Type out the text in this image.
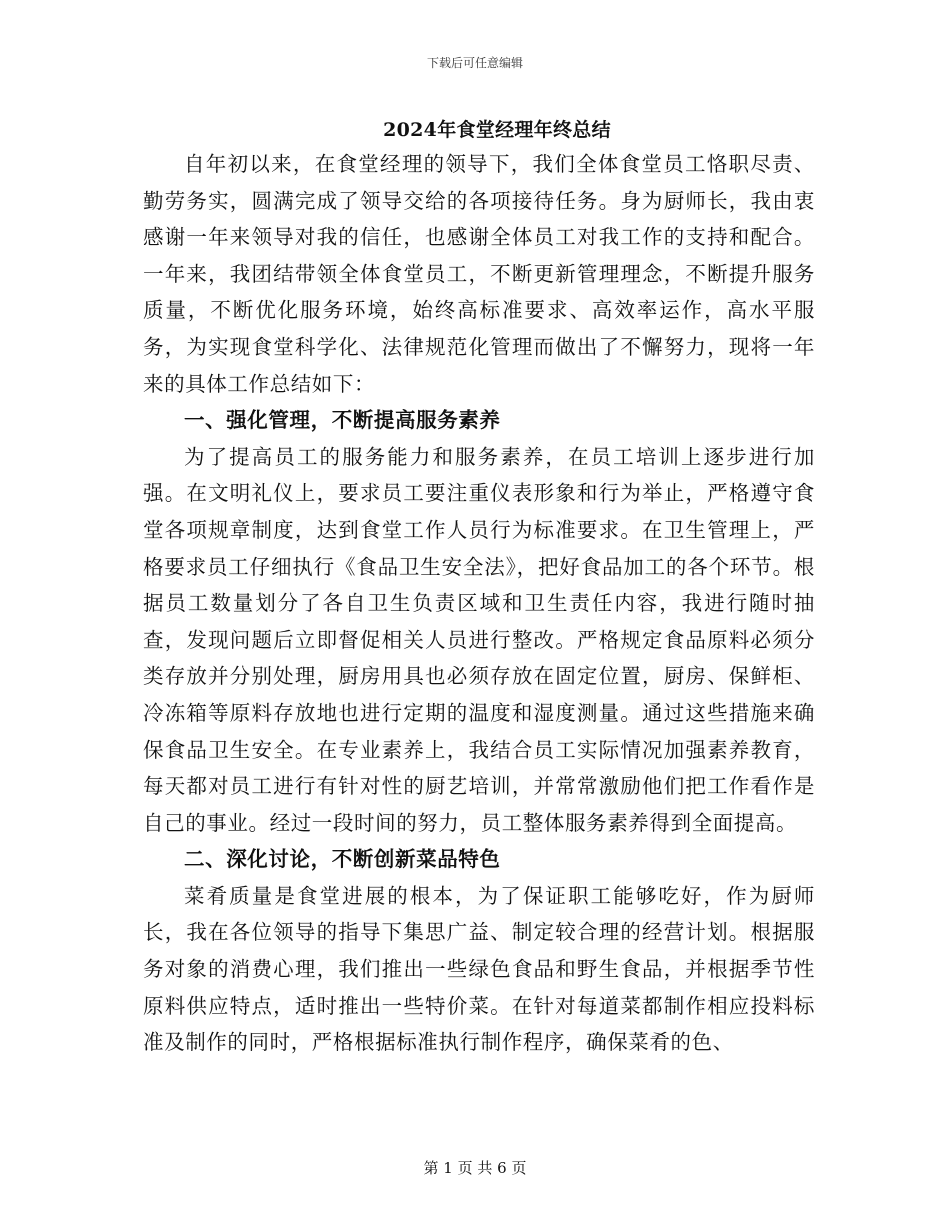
下载后可任意编辑
2024年食堂经理年终总结

自年初以来，在食堂经理的领导下，我们全体食堂员工恪职尽责、勤劳务实，圆满完成了领导交给的各项接待任务。身为厨师长，我由衷感谢一年来领导对我的信任，也感谢全体员工对我工作的支持和配合。一年来，我团结带领全体食堂员工，不断更新管理理念，不断提升服务质量，不断优化服务环境，始终高标准要求、高效率运作，高水平服务，为实现食堂科学化、法律规范化管理而做出了不懈努力，现将一年来的具体工作总结如下：

一、强化管理，不断提高服务素养

为了提高员工的服务能力和服务素养，在员工培训上逐步进行加强。在文明礼仪上，要求员工要注重仪表形象和行为举止，严格遵守食堂各项规章制度，达到食堂工作人员行为标准要求。在卫生管理上，严格要求员工仔细执行《食品卫生安全法》，把好食品加工的各个环节。根据员工数量划分了各自卫生负责区域和卫生责任内容，我进行随时抽查，发现问题后立即督促相关人员进行整改。严格规定食品原料必须分类存放并分别处理，厨房用具也必须存放在固定位置，厨房、保鲜柜、冷冻箱等原料存放地也进行定期的温度和湿度测量。通过这些措施来确保食品卫生安全。在专业素养上，我结合员工实际情况加强素养教育，每天都对员工进行有针对性的厨艺培训，并常常激励他们把工作看作是自己的事业。经过一段时间的努力，员工整体服务素养得到全面提高。

二、深化讨论，不断创新菜品特色

菜肴质量是食堂进展的根本，为了保证职工能够吃好，作为厨师长，我在各位领导的指导下集思广益、制定较合理的经营计划。根据服务对象的消费心理，我们推出一些绿色食品和野生食品，并根据季节性原料供应特点，适时推出一些特价菜。在针对每道菜都制作相应投料标准及制作的同时，严格根据标准执行制作程序，确保菜肴的色、

第 1 页 共 6 页
